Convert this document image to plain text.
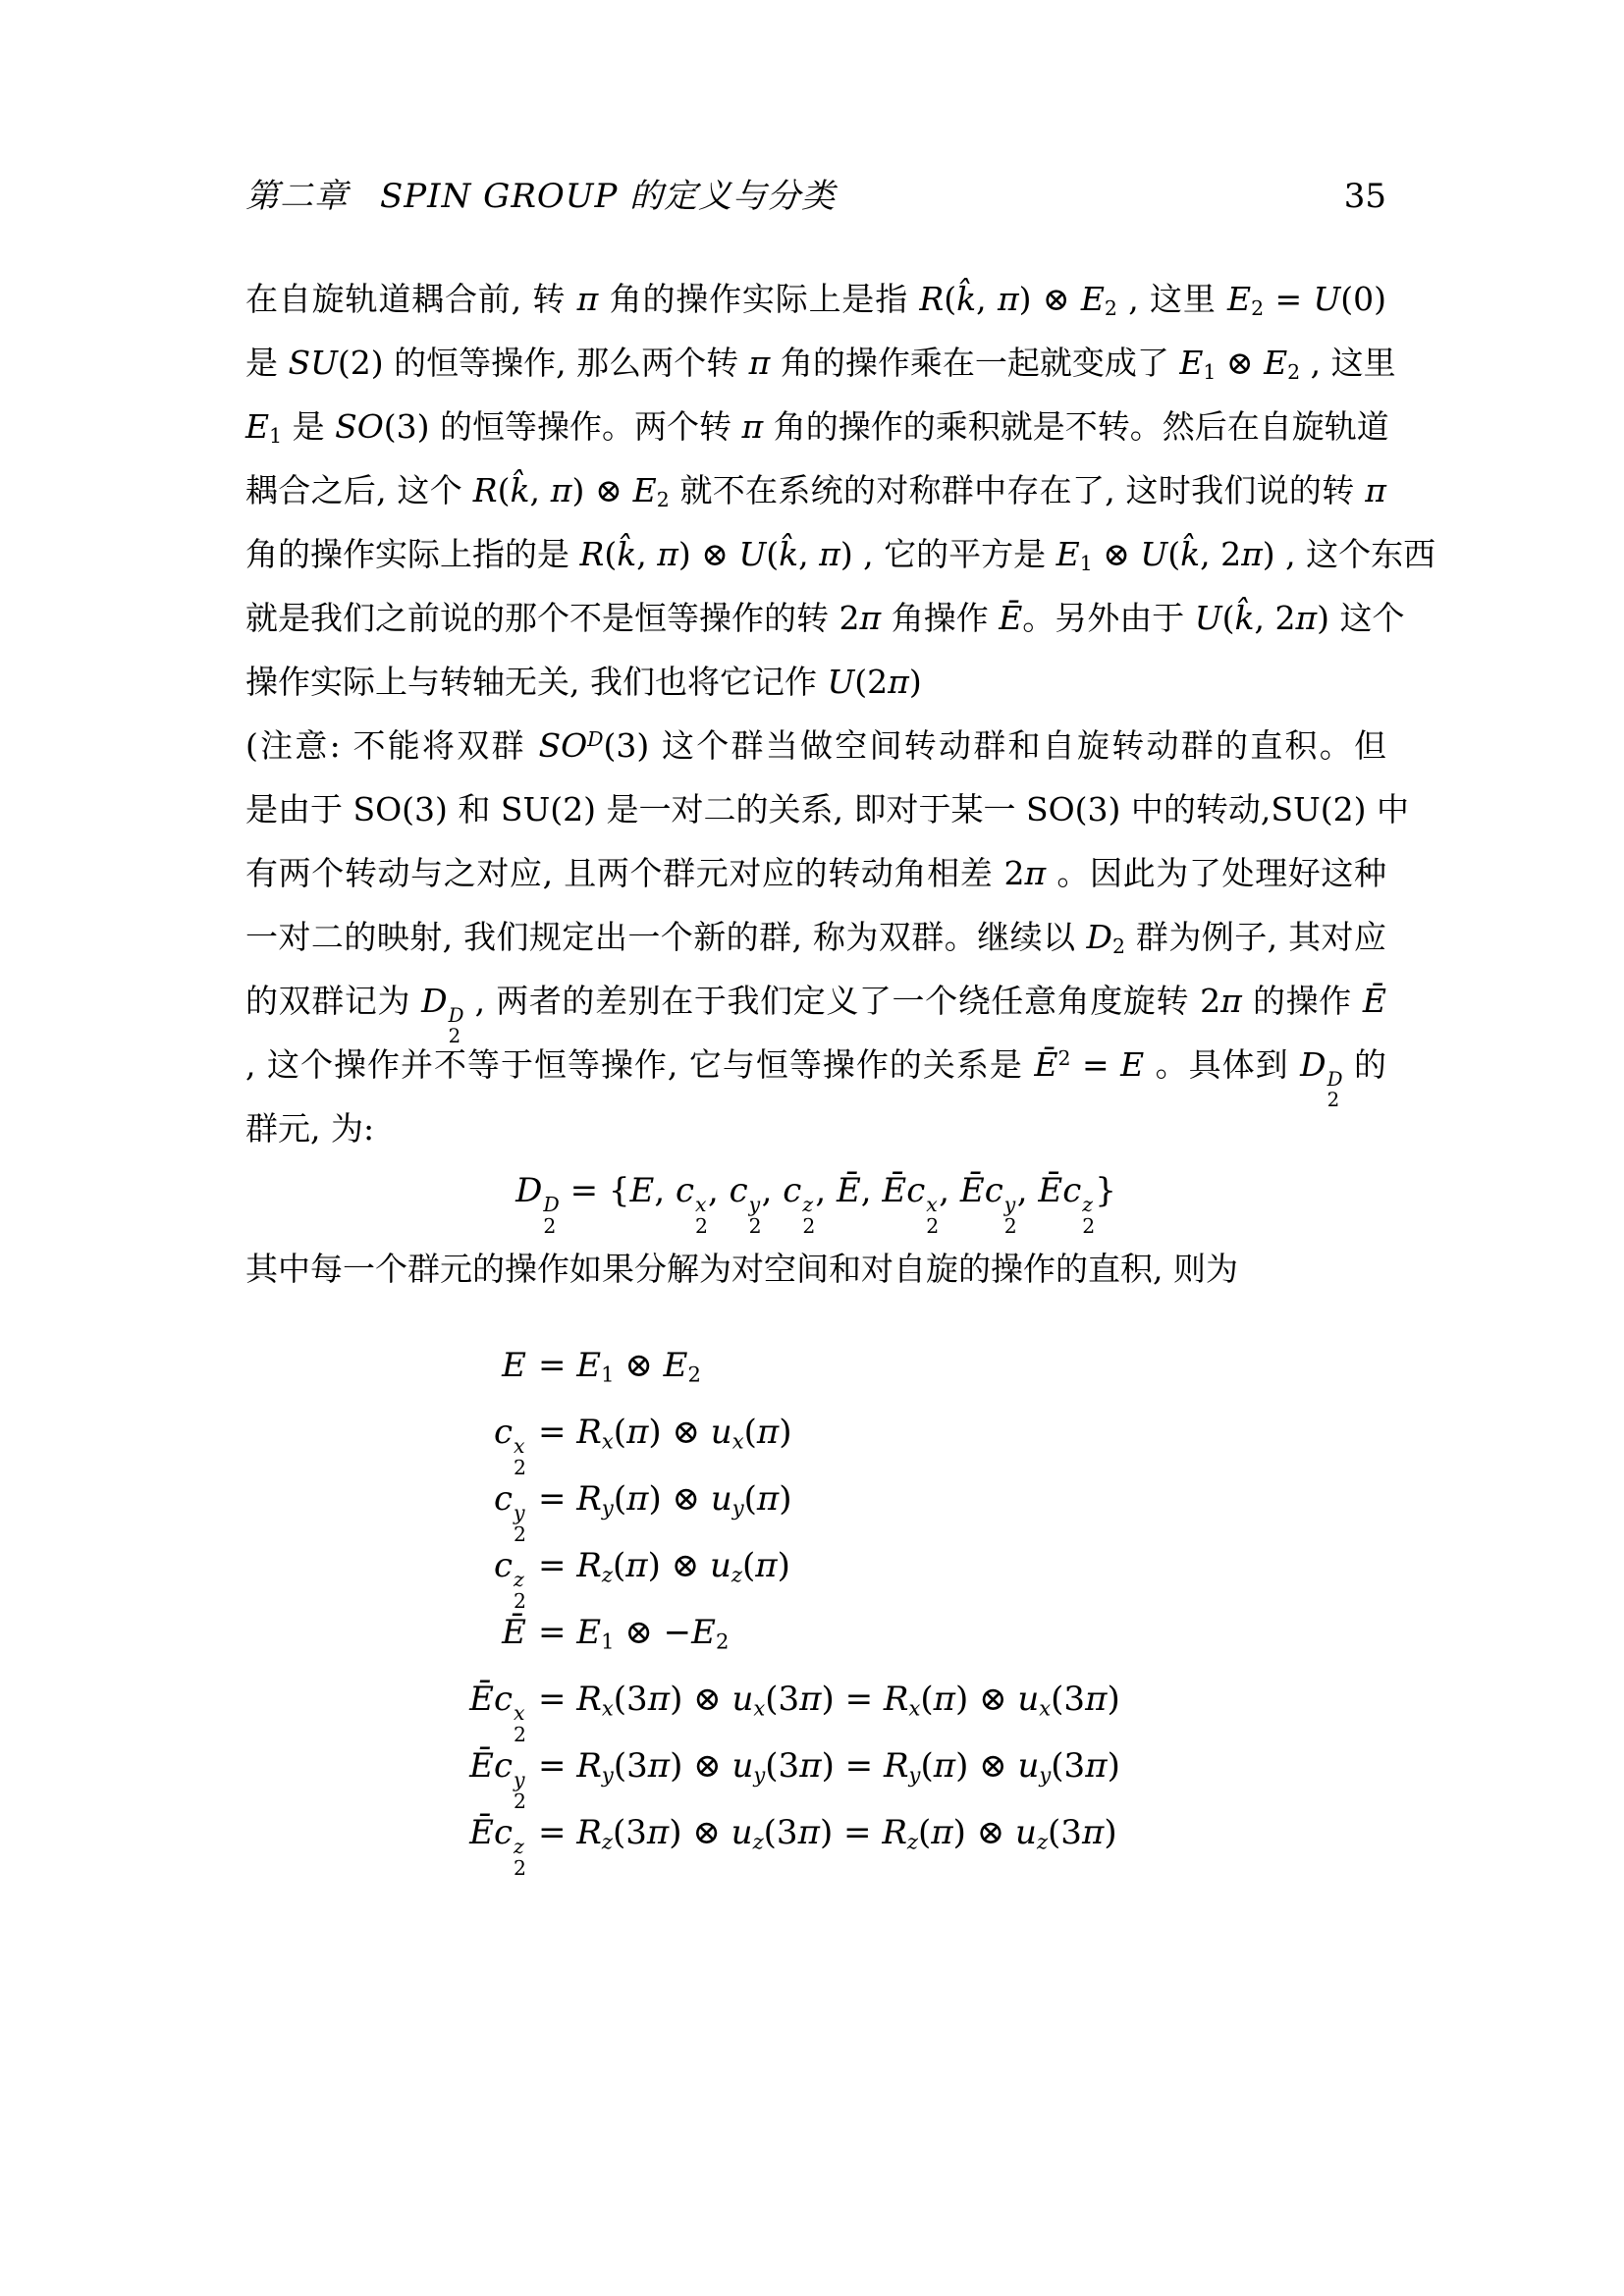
第二章 SPIN GROUP 的定义与分类	35
在自旋轨道耦合前, 转 π 角的操作实际上是指 R(k̂, π) ⊗ $E_2$ , 这里 $E_2 = U(0)$
是 SU(2) 的恒等操作, 那么两个转 π 角的操作乘在一起就变成了 $E_1$ ⊗ $E_2$ , 这里
$E_1$ 是 SO(3) 的恒等操作。两个转 π 角的操作的乘积就是不转。然后在自旋轨道
耦合之后, 这个 R(k̂, π) ⊗ $E_2$ 就不在系统的对称群中存在了, 这时我们说的转 π
角的操作实际上指的是 R(k̂, π) ⊗ U(k̂, π) , 它的平方是 $E_1$ ⊗ U(k̂, 2π) , 这个东西
就是我们之前说的那个不是恒等操作的转 2π 角操作 Ē。另外由于 U(k̂, 2π) 这个
操作实际上与转轴无关, 我们也将它记作 U(2π)
(注意: 不能将双群 $SO^D(3)$ 这个群当做空间转动群和自旋转动群的直积。但
是由于 SO(3) 和 SU(2) 是一对二的关系, 即对于某一 SO(3) 中的转动,SU(2) 中
有两个转动与之对应, 且两个群元对应的转动角相差 2π 。因此为了处理好这种
一对二的映射, 我们规定出一个新的群, 称为双群。继续以 $D_2$ 群为例子, 其对应
的双群记为 D D
2
, 两者的差别在于我们定义了一个绕任意角度旋转 2π 的操作 Ē
, 这个操作并不等于恒等操作, 它与恒等操作的关系是 $Ē^2 = E$ 。具体到 D D
2
的
群元, 为:
D D
2
= {E, c x
2
, c y
2
, c z
2
, Ē, Ēc x
2
, Ēc y
2
, Ēc z
2
}
其中每一个群元的操作如果分解为对空间和对自旋的操作的直积, 则为
$E = E_1$ ⊗ $E_2$
c x
2
= $R_x(\pi)$ ⊗ $u_x(\pi)$
c y
2
= $R_y(\pi)$ ⊗ $u_y(\pi)$
c z
2
= $R_z(\pi)$ ⊗ $u_z(\pi)$
Ē = $E_1$ ⊗ $-E_2$
Ēc x
2
= $R_x(3\pi)$ ⊗ $u_x(3\pi) = R_x(\pi)$ ⊗ $u_x(3\pi)$
Ēc y
2
= $R_y(3\pi)$ ⊗ $u_y(3\pi) = R_y(\pi)$ ⊗ $u_y(3\pi)$
Ēc z
2
= $R_z(3\pi)$ ⊗ $u_z(3\pi) = R_z(\pi)$ ⊗ $u_z(3\pi)$
